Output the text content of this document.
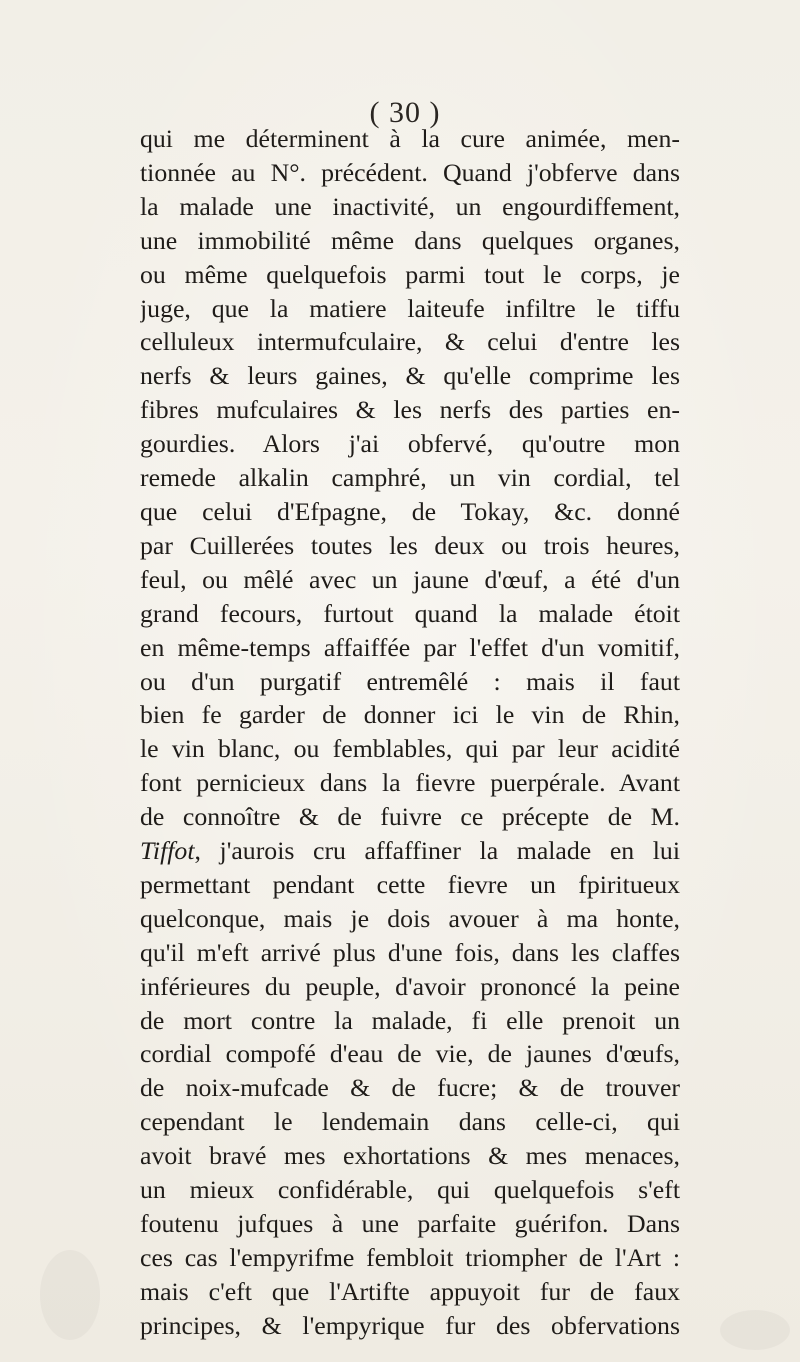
( 30 )
qui me déterminent à la cure animée, men-
tionnée au N°. précédent. Quand j'obferve dans
la malade une inactivité, un engourdiffement,
une immobilité même dans quelques organes,
ou même quelquefois parmi tout le corps, je
juge, que la matiere laiteufe infiltre le tiffu
celluleux intermufculaire, & celui d'entre les
nerfs & leurs gaines, & qu'elle comprime les
fibres mufculaires & les nerfs des parties en-
gourdies. Alors j'ai obfervé, qu'outre mon
remede alkalin camphré, un vin cordial, tel
que celui d'Efpagne, de Tokay, &c. donné
par Cuillerées toutes les deux ou trois heures,
feul, ou mêlé avec un jaune d'œuf, a été d'un
grand fecours, furtout quand la malade étoit
en même-temps affaiffée par l'effet d'un vomitif,
ou d'un purgatif entremêlé : mais il faut
bien fe garder de donner ici le vin de Rhin,
le vin blanc, ou femblables, qui par leur acidité
font pernicieux dans la fievre puerpérale. Avant
de connoître & de fuivre ce précepte de M.
Tiffot, j'aurois cru affaffiner la malade en lui
permettant pendant cette fievre un fpiritueux
quelconque, mais je dois avouer à ma honte,
qu'il m'eft arrivé plus d'une fois, dans les claffes
inférieures du peuple, d'avoir prononcé la peine
de mort contre la malade, fi elle prenoit un
cordial compofé d'eau de vie, de jaunes d'œufs,
de noix-mufcade & de fucre; & de trouver
cependant le lendemain dans celle-ci, qui
avoit bravé mes exhortations & mes menaces,
un mieux confidérable, qui quelquefois s'eft
foutenu jufques à une parfaite guérifon. Dans
ces cas l'empyrifme fembloit triompher de l'Art :
mais c'eft que l'Artifte appuyoit fur de faux
principes, & l'empyrique fur des obfervations
